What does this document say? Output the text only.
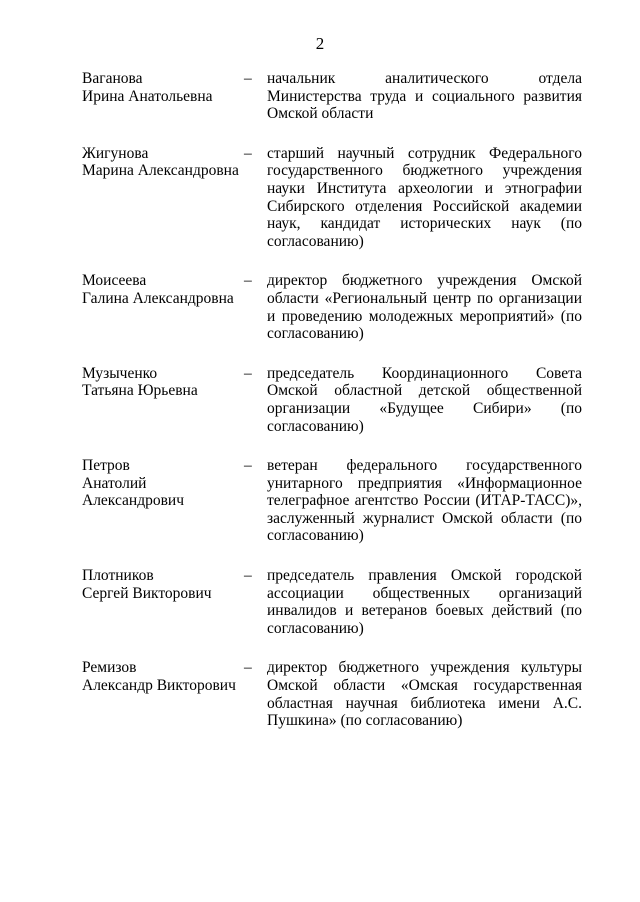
2
Ваганова
Ирина Анатольевна
– начальник аналитического отдела Министерства труда и социального развития Омской области
Жигунова
Марина Александровна
– старший научный сотрудник Федерального государственного бюджетного учреждения науки Института археологии и этнографии Сибирского отделения Российской академии наук, кандидат исторических наук (по согласованию)
Моисеева
Галина Александровна
– директор бюджетного учреждения Омской области «Региональный центр по организации и проведению молодежных мероприятий» (по согласованию)
Музыченко
Татьяна Юрьевна
– председатель Координационного Совета Омской областной детской общественной организации «Будущее Сибири» (по согласованию)
Петров
Анатолий
Александрович
– ветеран федерального государственного унитарного предприятия «Информационное телеграфное агентство России (ИТАР-ТАСС)», заслуженный журналист Омской области (по согласованию)
Плотников
Сергей Викторович
– председатель правления Омской городской ассоциации общественных организаций инвалидов и ветеранов боевых действий (по согласованию)
Ремизов
Александр Викторович
– директор бюджетного учреждения культуры Омской области «Омская государственная областная научная библиотека имени А.С. Пушкина» (по согласованию)
